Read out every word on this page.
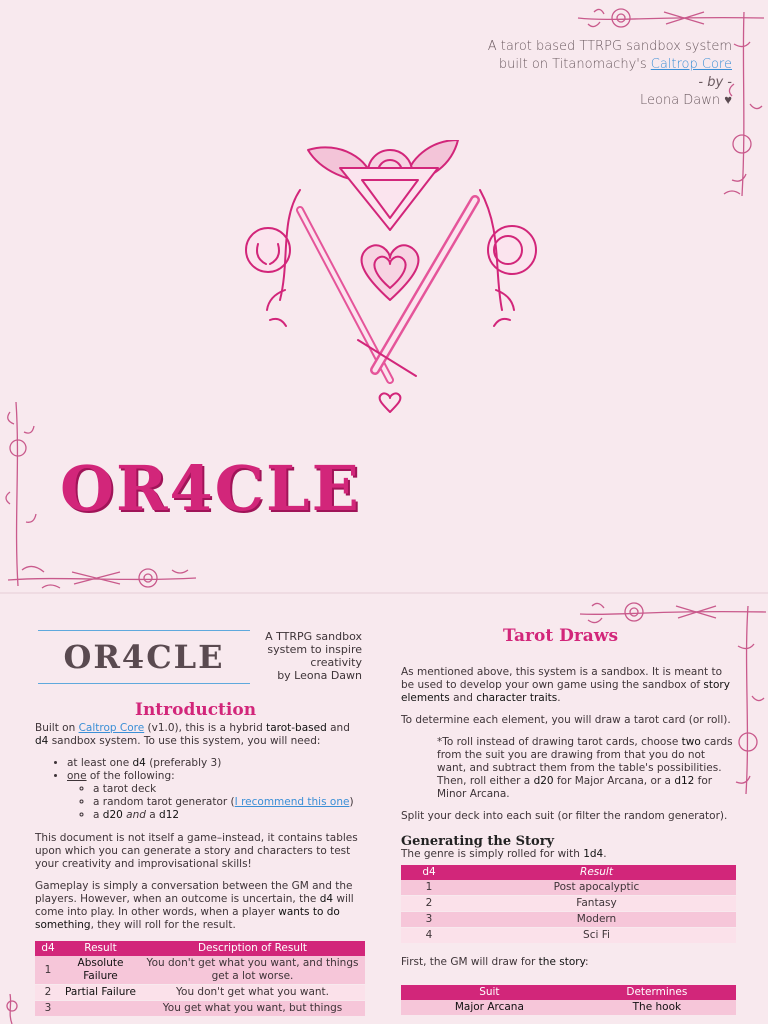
A tarot based TTRPG sandbox system
built on Titanomachy's Caltrop Core
- by -
Leona Dawn ♥
OR4CLE
OR4CLE
A TTRPG sandbox
system to inspire
creativity
by Leona Dawn
Introduction

Built on Caltrop Core (v1.0), this is a hybrid tarot-based and d4 sandbox system. To use this system, you will need:

• at least one d4 (preferably 3)
• one of the following:
◦ a tarot deck
◦ a random tarot generator (I recommend this one)
◦ a d20 and a d12

This document is not itself a game–instead, it contains tables upon which you can generate a story and characters to test your creativity and improvisational skills!

Gameplay is simply a conversation between the GM and the players. However, when an outcome is uncertain, the d4 will come into play. In other words, when a player wants to do something, they will roll for the result.

d4	Result	Description of Result
1	Absolute Failure	You don't get what you want, and things get a lot worse.
2	Partial Failure	You don't get what you want.
3		You get what you want, but things
Tarot Draws

As mentioned above, this system is a sandbox. It is meant to be used to develop your own game using the sandbox of story elements and character traits.

To determine each element, you will draw a tarot card (or roll).

*To roll instead of drawing tarot cards, choose two cards from the suit you are drawing from that you do not want, and subtract them from the table's possibilities. Then, roll either a d20 for Major Arcana, or a d12 for Minor Arcana.

Split your deck into each suit (or filter the random generator).

Generating the Story

The genre is simply rolled for with 1d4.

d4	Result
1	Post apocalyptic
2	Fantasy
3	Modern
4	Sci Fi

First, the GM will draw for the story:

Suit	Determines
Major Arcana	The hook
